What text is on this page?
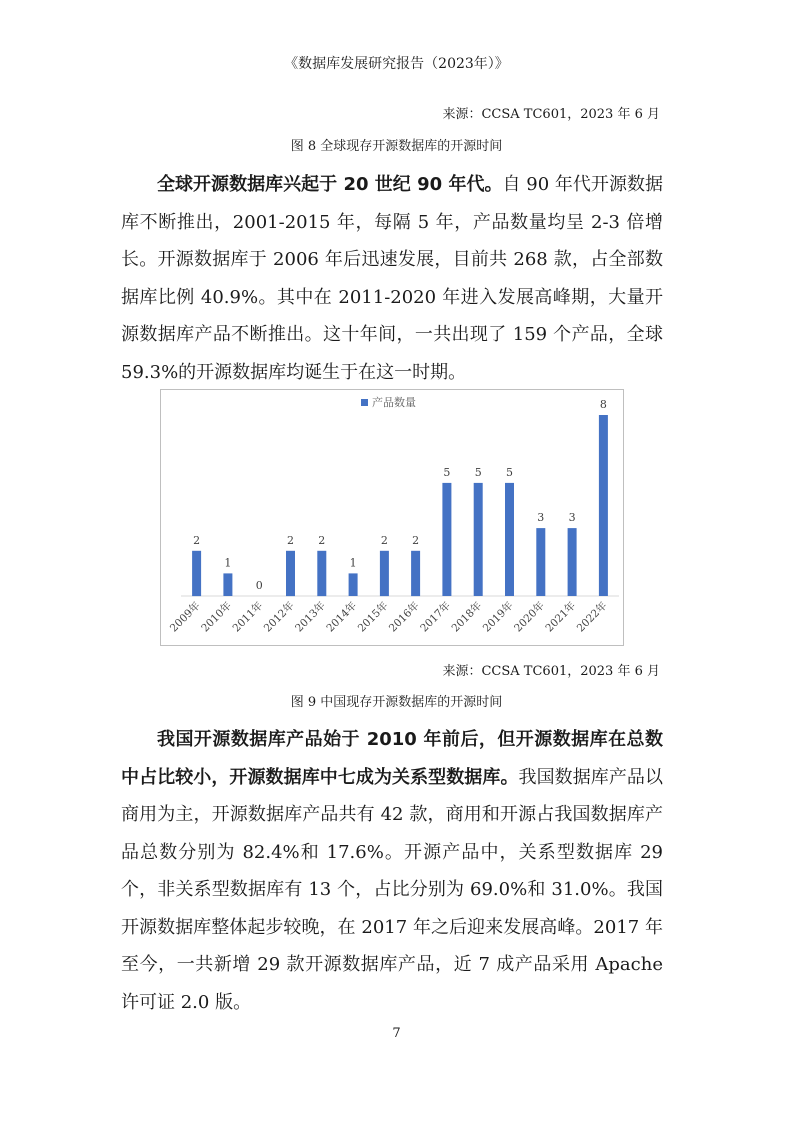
《数据库发展研究报告（2023年）》
来源：CCSA TC601，2023 年 6 月
图 8 全球现存开源数据库的开源时间

全球开源数据库兴起于 20 世纪 90 年代。自 90 年代开源数据库不断推出，2001-2015 年，每隔 5 年，产品数量均呈 2-3 倍增长。开源数据库于 2006 年后迅速发展，目前共 268 款，占全部数据库比例 40.9%。其中在 2011-2020 年进入发展高峰期，大量开源数据库产品不断推出。这十年间，一共出现了 159 个产品，全球 59.3%的开源数据库均诞生于在这一时期。

产品数量
2
1
0
2 2
1
2 2
5 5 5
3 3
8
2009年
2010年
2011年
2012年
2013年
2014年
2015年
2016年
2017年
2018年
2019年
2020年
2021年
2022年
来源：CCSA TC601，2023 年 6 月
图 9 中国现存开源数据库的开源时间

我国开源数据库产品始于 2010 年前后，但开源数据库在总数中占比较小，开源数据库中七成为关系型数据库。我国数据库产品以商用为主，开源数据库产品共有 42 款，商用和开源占我国数据库产品总数分别为 82.4%和 17.6%。开源产品中，关系型数据库 29 个，非关系型数据库有 13 个，占比分别为 69.0%和 31.0%。我国开源数据库整体起步较晚，在 2017 年之后迎来发展高峰。2017 年至今，一共新增 29 款开源数据库产品，近 7 成产品采用 Apache 许可证 2.0 版。

7
